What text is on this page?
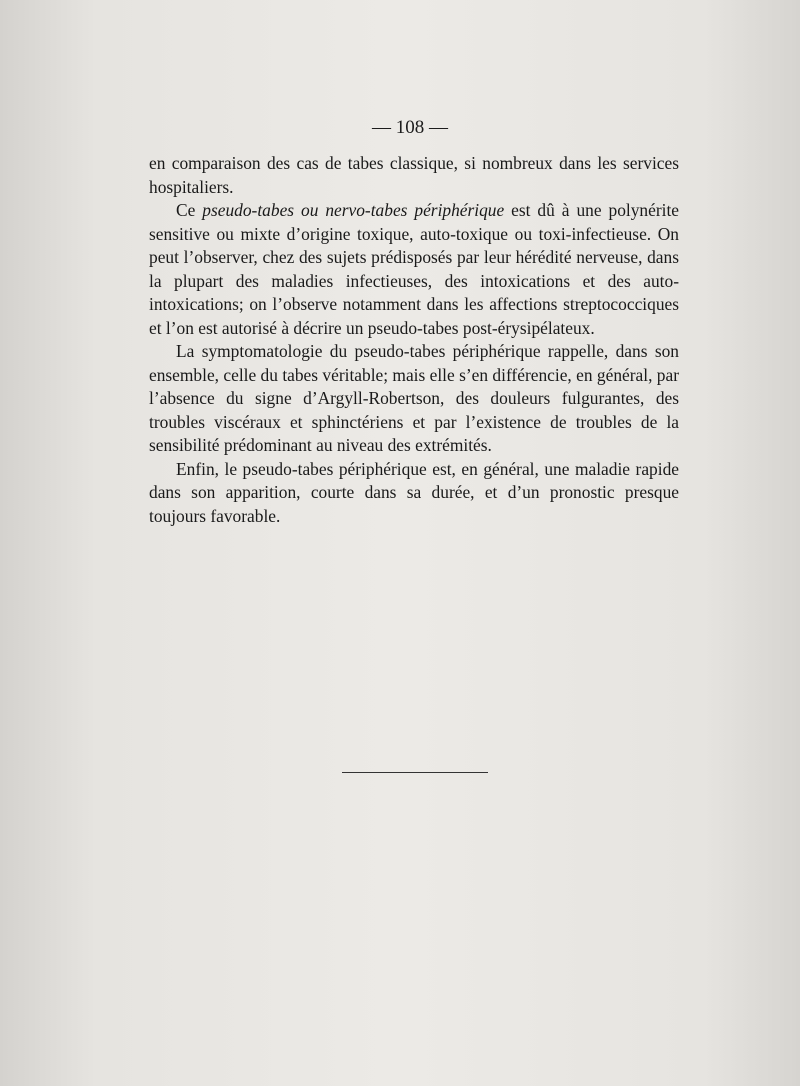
— 108 —

en comparaison des cas de tabes classique, si nombreux dans les services hospitaliers.

Ce pseudo-tabes ou nervo-tabes périphérique est dû à une polynérite sensitive ou mixte d’origine toxique, auto-toxique ou toxi-infectieuse. On peut l’observer, chez des sujets prédisposés par leur hérédité nerveuse, dans la plupart des maladies infectieuses, des intoxications et des auto-intoxications; on l’observe notamment dans les affections streptococciques et l’on est autorisé à décrire un pseudo-tabes post-érysipélateux.

La symptomatologie du pseudo-tabes périphérique rappelle, dans son ensemble, celle du tabes véritable; mais elle s’en différencie, en général, par l’absence du signe d’Argyll-Robertson, des douleurs fulgurantes, des troubles viscéraux et sphinctériens et par l’existence de troubles de la sensibilité prédominant au niveau des extrémités.

Enfin, le pseudo-tabes périphérique est, en général, une maladie rapide dans son apparition, courte dans sa durée, et d’un pronostic presque toujours favorable.
